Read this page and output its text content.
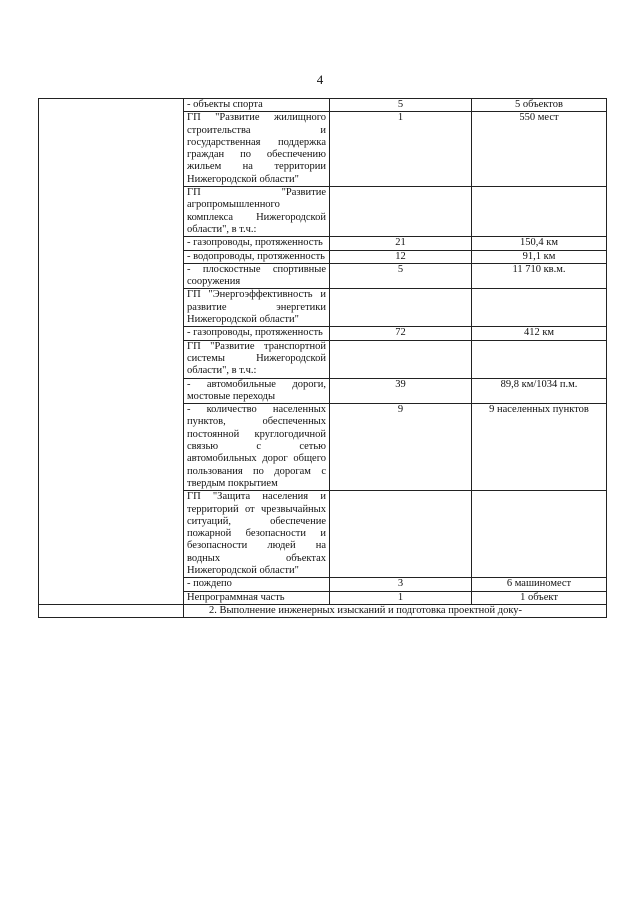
4
	- объекты спорта	5	5 объектов
	ГП "Развитие жилищного строительства и государственная поддержка граждан по обеспечению жильем на территории Нижегородской области"	1	550 мест
	ГП "Развитие агропромышленного комплекса Нижегородской области", в т.ч.:		
	- газопроводы, протяженность	21	150,4 км
	- водопроводы, протяженность	12	91,1 км
	- плоскостные спортивные сооружения	5	11 710 кв.м.
	ГП "Энергоэффективность и развитие энергетики Нижегородской области"		
	- газопроводы, протяженность	72	412 км
	ГП "Развитие транспортной системы Нижегородской области", в т.ч.:		
	- автомобильные дороги, мостовые переходы	39	89,8 км/1034 п.м.
	- количество населенных пунктов, обеспеченных постоянной круглогодичной связью с сетью автомобильных дорог общего пользования по дорогам с твердым покрытием	9	9 населенных пунктов
	ГП "Защита населения и территорий от чрезвычайных ситуаций, обеспечение пожарной безопасности и безопасности людей на водных объектах Нижегородской области"		
	- пождепо	3	6 машиномест
	Непрограммная часть	1	1 объект
	2. Выполнение инженерных изысканий и подготовка проектной доку-		
